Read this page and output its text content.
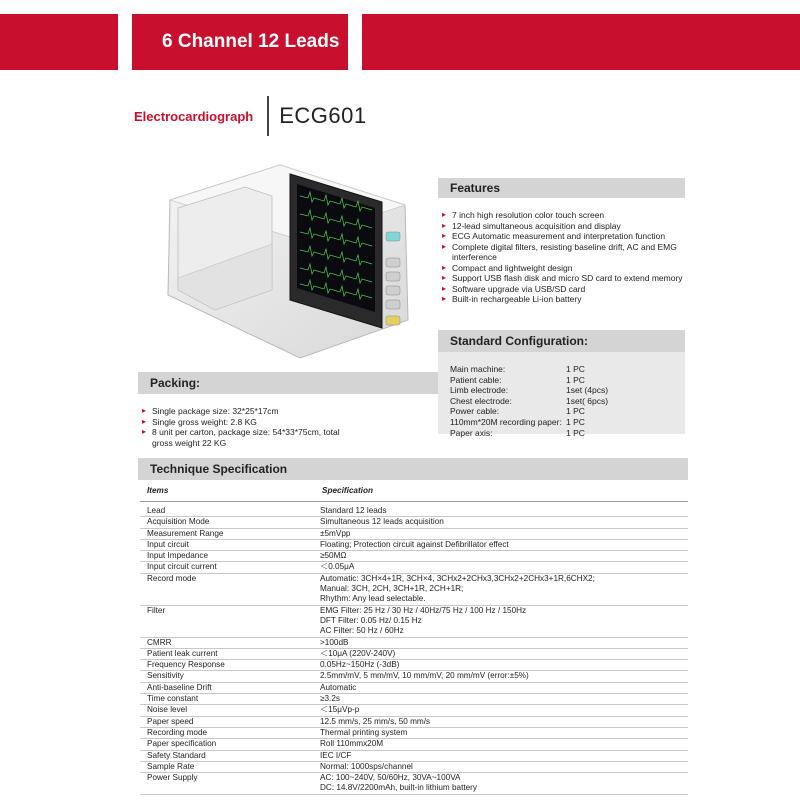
6 Channel 12 Leads
Electrocardiograph ECG601
Features
▸ 7 inch high resolution color touch screen
▸ 12-lead simultaneous acquisition and display
▸ ECG Automatic measurement and interpretation function
▸ Complete digital filters, resisting baseline drift, AC and EMG interference
▸ Compact and lightweight design
▸ Support USB flash disk and micro SD card to extend memory
▸ Software upgrade via USB/SD card
▸ Built-in rechargeable Li-ion battery
Standard Configuration:
Main machine:	1 PC
Patient cable:	1 PC
Limb electrode:	1set (4pcs)
Chest electrode:	1set( 6pcs)
Power cable:	1 PC
110mm*20M recording paper: 1 PC
Paper axis:	1 PC
Packing:
▸ Single package size: 32*25*17cm
▸ Single gross weight: 2.8 KG
▸ 8 unit per carton, package size: 54*33*75cm, total gross weight 22 KG
Technique Specification
Items	Specification
Lead	Standard 12 leads
Acquisition Mode	Simultaneous 12 leads acquisition
Measurement Range	±5mVpp
Input circuit	Floating; Protection circuit against Defibrillator effect
Input Impedance	≥50MΩ
Input circuit current	＜0.05μA
Record mode	Automatic: 3CH×4+1R, 3CH×4, 3CHx2+2CHx3,3CHx2+2CHx3+1R,6CHX2;
Manual: 3CH, 2CH, 3CH+1R, 2CH+1R;
Rhythm: Any lead selectable.
Filter	EMG Filter: 25 Hz / 30 Hz / 40Hz/75 Hz / 100 Hz / 150Hz
DFT Filter: 0.05 Hz/ 0.15 Hz
AC Filter: 50 Hz / 60Hz
CMRR	>100dB
Patient leak current	＜10μA (220V-240V)
Frequency Response	0.05Hz~150Hz (-3dB)
Sensitivity	2.5mm/mV, 5 mm/mV, 10 mm/mV, 20 mm/mV (error:±5%)
Anti-baseline Drift	Automatic
Time constant	≥3.2s
Noise level	＜15μVp-p
Paper speed	12.5 mm/s, 25 mm/s, 50 mm/s
Recording mode	Thermal printing system
Paper specification	Roll 110mmx20M
Safety Standard	IEC I/CF
Sample Rate	Normal: 1000sps/channel
Power Supply	AC: 100~240V, 50/60Hz, 30VA~100VA
DC: 14.8V/2200mAh, built-in lithium battery
